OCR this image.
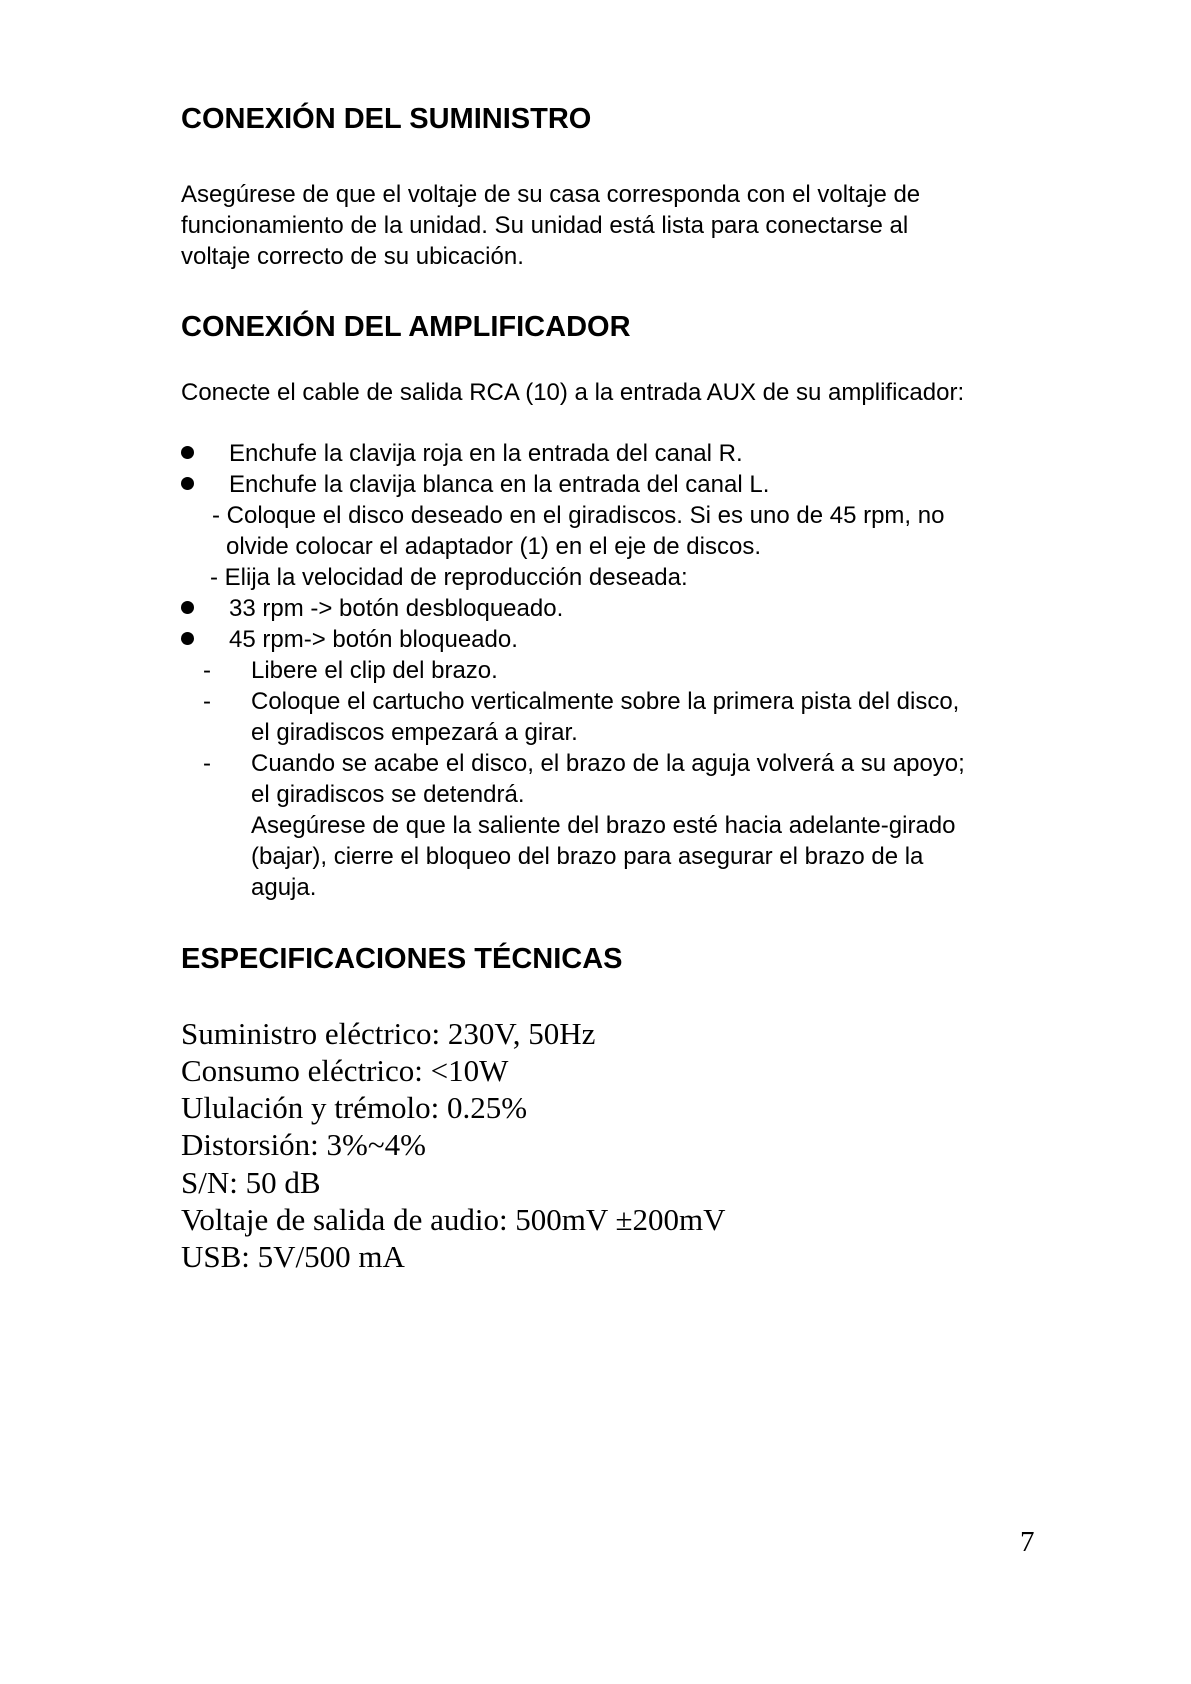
CONEXIÓN DEL SUMINISTRO

Asegúrese de que el voltaje de su casa corresponda con el voltaje de

funcionamiento de la unidad. Su unidad está lista para conectarse al

voltaje correcto de su ubicación.

CONEXIÓN DEL AMPLIFICADOR

Conecte el cable de salida RCA (10) a la entrada AUX de su amplificador:

Enchufe la clavija roja en la entrada del canal R.

Enchufe la clavija blanca en la entrada del canal L.

- Coloque el disco deseado en el giradiscos. Si es uno de 45 rpm, no

olvide colocar el adaptador (1) en el eje de discos.

- Elija la velocidad de reproducción deseada:

33 rpm -> botón desbloqueado.

45 rpm-> botón bloqueado.

- Libere el clip del brazo.

- Coloque el cartucho verticalmente sobre la primera pista del disco,

el giradiscos empezará a girar.

- Cuando se acabe el disco, el brazo de la aguja volverá a su apoyo;

el giradiscos se detendrá.

Asegúrese de que la saliente del brazo esté hacia adelante-girado

(bajar), cierre el bloqueo del brazo para asegurar el brazo de la

aguja.

ESPECIFICACIONES TÉCNICAS

Suministro eléctrico: 230V, 50Hz

Consumo eléctrico: <10W

Ululación y trémolo: 0.25%

Distorsión: 3%~4%

S/N: 50 dB

Voltaje de salida de audio: 500mV ±200mV

USB: 5V/500 mA

7
